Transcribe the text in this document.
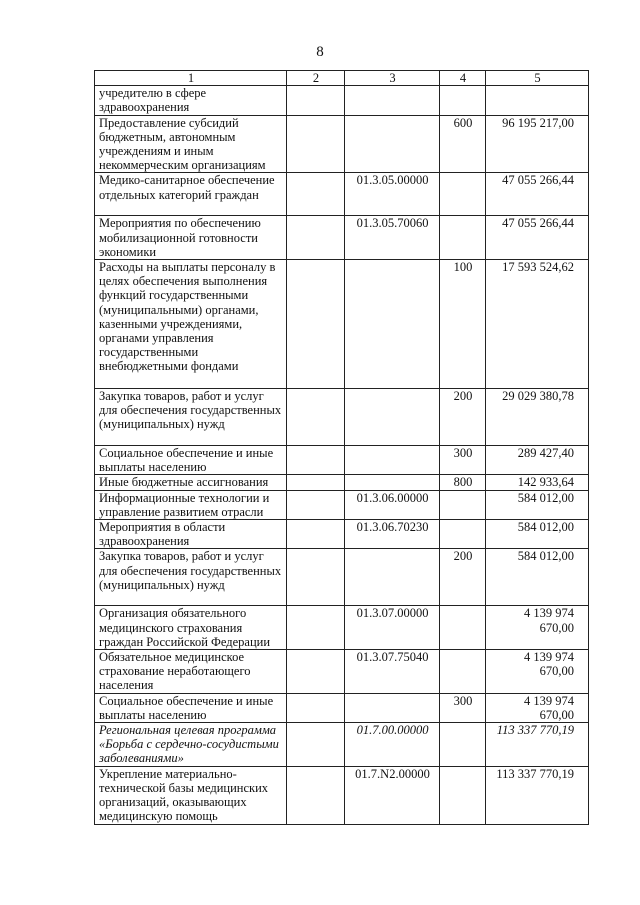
8
1	2	3	4	5
учредителю в сфере здравоохранения				
Предоставление субсидий бюджетным, автономным учреждениям и иным некоммерческим организациям			600	96 195 217,00
Медико-санитарное обеспечение отдельных категорий граждан		01.3.05.00000		47 055 266,44
Мероприятия по обеспечению мобилизационной готовности экономики		01.3.05.70060		47 055 266,44
Расходы на выплаты персоналу в целях обеспечения выполнения функций государственными (муниципальными) органами, казенными учреждениями, органами управления государственными внебюджетными фондами			100	17 593 524,62
Закупка товаров, работ и услуг для обеспечения государственных (муниципальных) нужд			200	29 029 380,78
Социальное обеспечение и иные выплаты населению			300	289 427,40
Иные бюджетные ассигнования			800	142 933,64
Информационные технологии и управление развитием отрасли		01.3.06.00000		584 012,00
Мероприятия в области здравоохранения		01.3.06.70230		584 012,00
Закупка товаров, работ и услуг для обеспечения государственных (муниципальных) нужд			200	584 012,00
Организация обязательного медицинского страхования граждан Российской Федерации		01.3.07.00000		4 139 974 670,00
Обязательное медицинское страхование неработающего населения		01.3.07.75040		4 139 974 670,00
Социальное обеспечение и иные выплаты населению			300	4 139 974 670,00
Региональная целевая программа «Борьба с сердечно-сосудистыми заболеваниями»		01.7.00.00000		113 337 770,19
Укрепление материально-технической базы медицинских организаций, оказывающих медицинскую помощь		01.7.N2.00000		113 337 770,19
